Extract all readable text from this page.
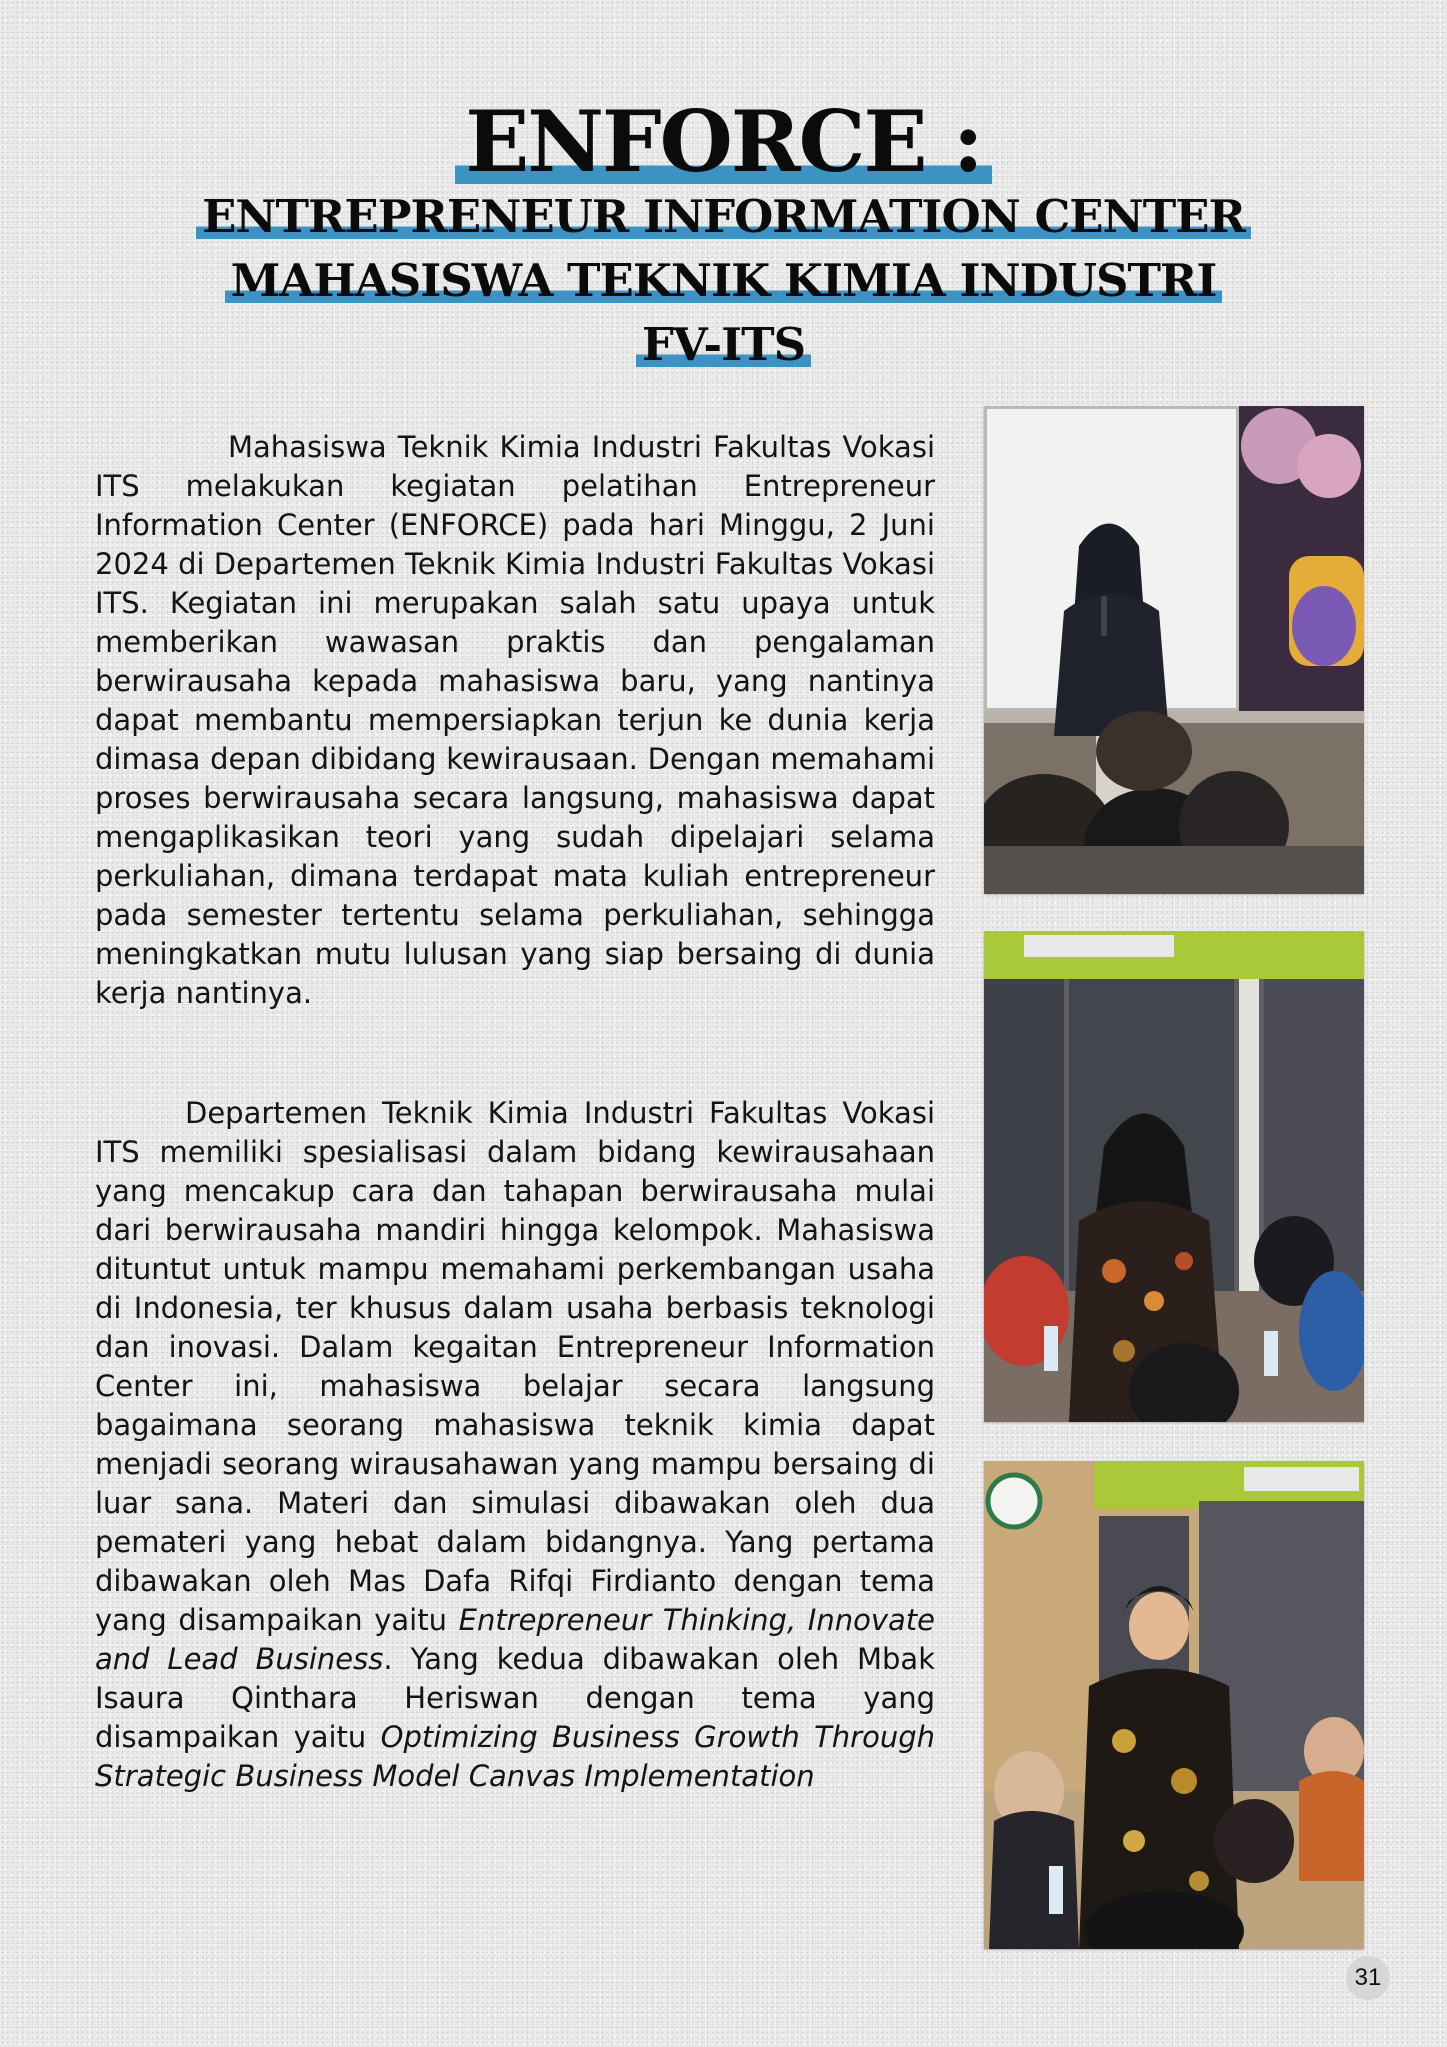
ENFORCE :
ENTREPRENEUR INFORMATION CENTER
MAHASISWA TEKNIK KIMIA INDUSTRI
FV-ITS

Mahasiswa Teknik Kimia Industri Fakultas Vokasi ITS melakukan kegiatan pelatihan Entrepreneur Information Center (ENFORCE) pada hari Minggu, 2 Juni 2024 di Departemen Teknik Kimia Industri Fakultas Vokasi ITS. Kegiatan ini merupakan salah satu upaya untuk memberikan wawasan praktis dan pengalaman berwirausaha kepada mahasiswa baru, yang nantinya dapat membantu mempersiapkan terjun ke dunia kerja dimasa depan dibidang kewirausaan. Dengan memahami proses berwirausaha secara langsung, mahasiswa dapat mengaplikasikan teori yang sudah dipelajari selama perkuliahan, dimana terdapat mata kuliah entrepreneur pada semester tertentu selama perkuliahan, sehingga meningkatkan mutu lulusan yang siap bersaing di dunia kerja nantinya.

Departemen Teknik Kimia Industri Fakultas Vokasi ITS memiliki spesialisasi dalam bidang kewirausahaan yang mencakup cara dan tahapan berwirausaha mulai dari berwirausaha mandiri hingga kelompok. Mahasiswa dituntut untuk mampu memahami perkembangan usaha di Indonesia, ter khusus dalam usaha berbasis teknologi dan inovasi. Dalam kegaitan Entrepreneur Information Center ini, mahasiswa belajar secara langsung bagaimana seorang mahasiswa teknik kimia dapat menjadi seorang wirausahawan yang mampu bersaing di luar sana. Materi dan simulasi dibawakan oleh dua pemateri yang hebat dalam bidangnya. Yang pertama dibawakan oleh Mas Dafa Rifqi Firdianto dengan tema yang disampaikan yaitu Entrepreneur Thinking, Innovate and Lead Business. Yang kedua dibawakan oleh Mbak Isaura Qinthara Heriswan dengan tema yang disampaikan yaitu Optimizing Business Growth Through Strategic Business Model Canvas Implementation

31
